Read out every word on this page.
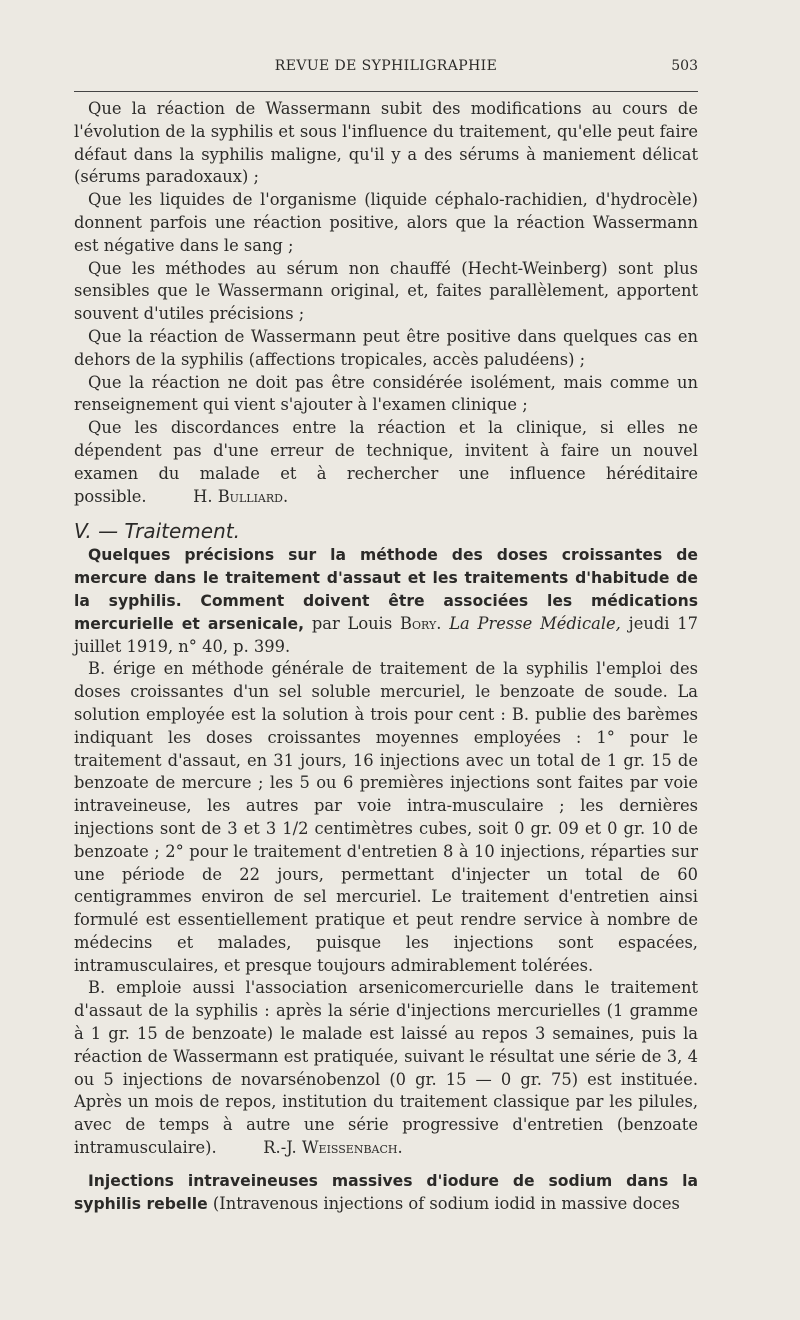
REVUE DE SYPHILIGRAPHIE	503

Que la réaction de Wassermann subit des modifications au cours de l'évolution de la syphilis et sous l'influence du traitement, qu'elle peut faire défaut dans la syphilis maligne, qu'il y a des sérums à maniement délicat (sérums paradoxaux) ;

Que les liquides de l'organisme (liquide céphalo-rachidien, d'hydrocèle) donnent parfois une réaction positive, alors que la réaction Wassermann est négative dans le sang ;

Que les méthodes au sérum non chauffé (Hecht-Weinberg) sont plus sensibles que le Wassermann original, et, faites parallèlement, apportent souvent d'utiles précisions ;

Que la réaction de Wassermann peut être positive dans quelques cas en dehors de la syphilis (affections tropicales, accès paludéens) ;

Que la réaction ne doit pas être considérée isolément, mais comme un renseignement qui vient s'ajouter à l'examen clinique ;

Que les discordances entre la réaction et la clinique, si elles ne dépendent pas d'une erreur de technique, invitent à faire un nouvel examen du malade et à rechercher une influence héréditaire possible.	H. Bulliard.

V. — Traitement.

Quelques précisions sur la méthode des doses croissantes de mercure dans le traitement d'assaut et les traitements d'habitude de la syphilis. Comment doivent être associées les médications mercurielle et arsenicale, par Louis Bory. La Presse Médicale, jeudi 17 juillet 1919, n° 40, p. 399.

B. érige en méthode générale de traitement de la syphilis l'emploi des doses croissantes d'un sel soluble mercuriel, le benzoate de soude. La solution employée est la solution à trois pour cent : B. publie des barèmes indiquant les doses croissantes moyennes employées : 1° pour le traitement d'assaut, en 31 jours, 16 injections avec un total de 1 gr. 15 de benzoate de mercure ; les 5 ou 6 premières injections sont faites par voie intraveineuse, les autres par voie intra-musculaire ; les dernières injections sont de 3 et 3 1/2 centimètres cubes, soit 0 gr. 09 et 0 gr. 10 de benzoate ; 2° pour le traitement d'entretien 8 à 10 injections, réparties sur une période de 22 jours, permettant d'injecter un total de 60 centigrammes environ de sel mercuriel. Le traitement d'entretien ainsi formulé est essentiellement pratique et peut rendre service à nombre de médecins et malades, puisque les injections sont espacées, intramusculaires, et presque toujours admirablement tolérées.

B. emploie aussi l'association arsenicomercurielle dans le traitement d'assaut de la syphilis : après la série d'injections mercurielles (1 gramme à 1 gr. 15 de benzoate) le malade est laissé au repos 3 semaines, puis la réaction de Wassermann est pratiquée, suivant le résultat une série de 3, 4 ou 5 injections de novarsénobenzol (0 gr. 15 — 0 gr. 75) est instituée. Après un mois de repos, institution du traitement classique par les pilules, avec de temps à autre une série progressive d'entretien (benzoate intramusculaire).	R.-J. Weissenbach.

Injections intraveineuses massives d'iodure de sodium dans la syphilis rebelle (Intravenous injections of sodium iodid in massive doces
